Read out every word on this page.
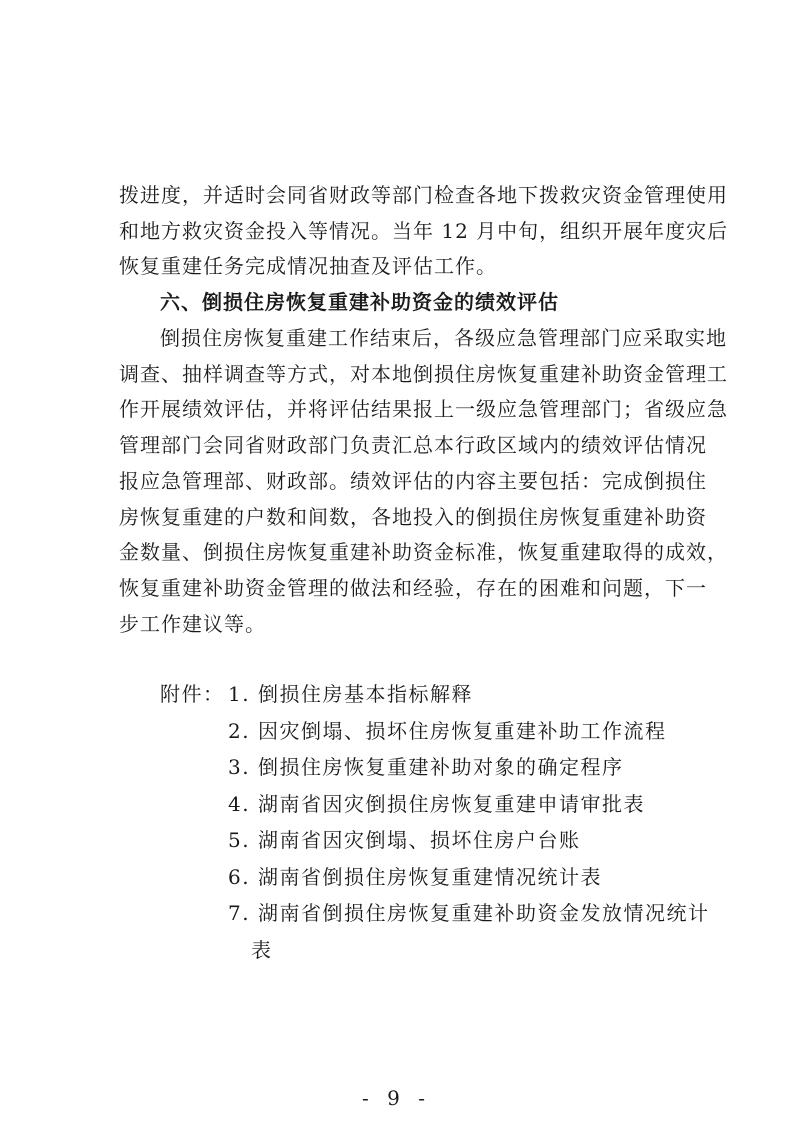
拨进度，并适时会同省财政等部门检查各地下拨救灾资金管理使用
和地方救灾资金投入等情况。当年 12 月中旬，组织开展年度灾后
恢复重建任务完成情况抽查及评估工作。
六、倒损住房恢复重建补助资金的绩效评估
倒损住房恢复重建工作结束后，各级应急管理部门应采取实地
调查、抽样调查等方式，对本地倒损住房恢复重建补助资金管理工
作开展绩效评估，并将评估结果报上一级应急管理部门；省级应急
管理部门会同省财政部门负责汇总本行政区域内的绩效评估情况
报应急管理部、财政部。绩效评估的内容主要包括：完成倒损住
房恢复重建的户数和间数，各地投入的倒损住房恢复重建补助资
金数量、倒损住房恢复重建补助资金标准，恢复重建取得的成效，
恢复重建补助资金管理的做法和经验，存在的困难和问题，下一
步工作建议等。
附件： 1. 倒损住房基本指标解释
2. 因灾倒塌、损坏住房恢复重建补助工作流程
3. 倒损住房恢复重建补助对象的确定程序
4. 湖南省因灾倒损住房恢复重建申请审批表
5. 湖南省因灾倒塌、损坏住房户台账
6. 湖南省倒损住房恢复重建情况统计表
7. 湖南省倒损住房恢复重建补助资金发放情况统计
表
- 9 -
